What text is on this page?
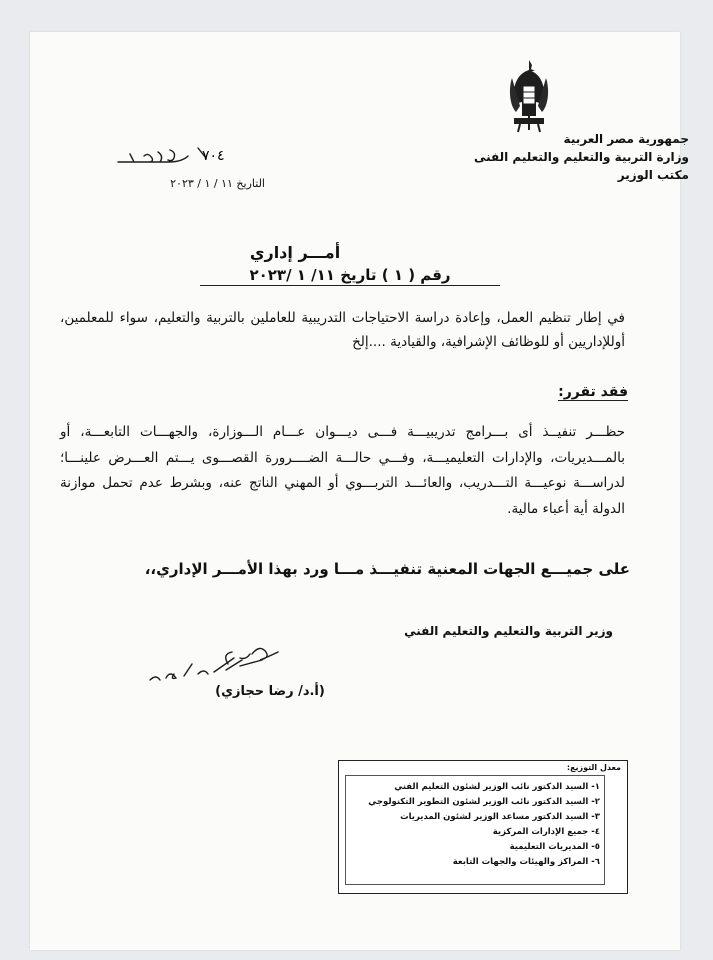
جمهورية مصر العربية
وزارة التربية والتعليم والتعليم الفنى
مكتب الوزير
٧٠٤
التاريخ ١١ / ١ / ٢٠٢٣
أمـــر إداري
رقم ( ١ ) تاريخ ١١/ ١ /٢٠٢٣
في إطار تنظيم العمل، وإعادة دراسة الاحتياجات التدريبية للعاملين بالتربية والتعليم، سواء للمعلمين، أوللإداريين أو للوظائف الإشرافية، والقيادية ....إلخ
فقد تقرر:
حظـــر تنفيــذ أى بـــرامج تدريبيـــة فـــى ديـــوان عـــام الـــوزارة، والجهـــات التابعـــة، أو بالمـــديريات، والإدارات التعليميـــة، وفـــي حالـــة الضــــرورة القصـــوى يـــتم العـــرض علينـــا؛ لدراســـة نوعيـــة التـــدريب، والعائـــد التربـــوي أو المهني الناتج عنه، وبشرط عدم تحمل موازنة الدولة أية أعباء مالية.
على جميـــع الجهات المعنية تنفيـــذ مـــا ورد بهذا الأمـــر الإداري،،
وزير التربية والتعليم والتعليم الفني
(أ.د/ رضا حجازي)
معدل التوزيع:
١- السيد الدكتور نائب الوزير لشئون التعليم الفني
٢- السيد الدكتور نائب الوزير لشئون التطوير التكنولوجي
٣- السيد الدكتور مساعد الوزير لشئون المديريات
٤- جميع الإدارات المركزية
٥- المديريات التعليمية
٦- المراكز والهيئات والجهات التابعة
